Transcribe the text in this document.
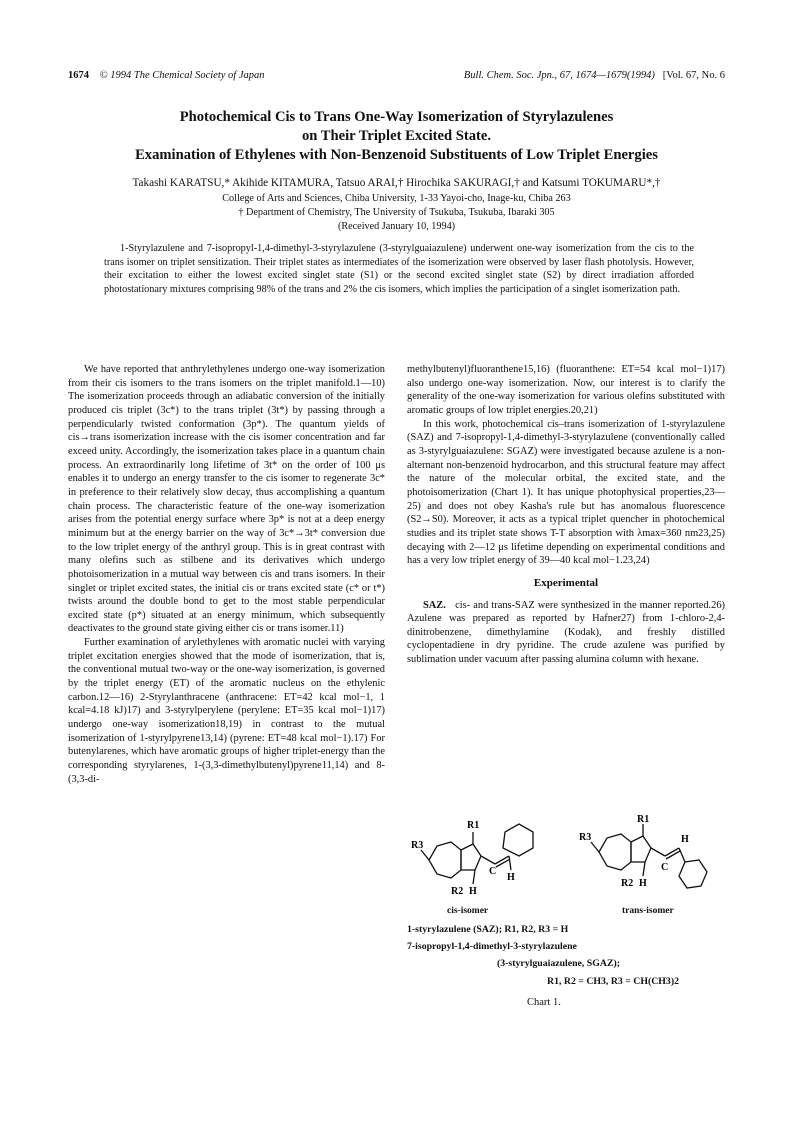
1674 © 1994 The Chemical Society of Japan	Bull. Chem. Soc. Jpn., 67, 1674—1679(1994) [Vol. 67, No. 6
Photochemical Cis to Trans One-Way Isomerization of Styrylazulenes
on Their Triplet Excited State.
Examination of Ethylenes with Non-Benzenoid Substituents of Low Triplet Energies
Takashi KARATSU,* Akihide KITAMURA, Tatsuo ARAI,† Hirochika SAKURAGI,† and Katsumi TOKUMARU*,†
College of Arts and Sciences, Chiba University, 1-33 Yayoi-cho, Inage-ku, Chiba 263
† Department of Chemistry, The University of Tsukuba, Tsukuba, Ibaraki 305
(Received January 10, 1994)
1-Styrylazulene and 7-isopropyl-1,4-dimethyl-3-styrylazulene (3-styrylguaiazulene) underwent one-way isomerization from the cis to the trans isomer on triplet sensitization. Their triplet states as intermediates of the isomerization were observed by laser flash photolysis. However, their excitation to either the lowest excited singlet state (S1) or the second excited singlet state (S2) by direct irradiation afforded photostationary mixtures comprising 98% of the trans and 2% the cis isomers, which implies the participation of a singlet isomerization path.

We have reported that anthrylethylenes undergo one-way isomerization from their cis isomers to the trans isomers on the triplet manifold.1—10) The isomerization proceeds through an adiabatic conversion of the initially produced cis triplet (3c*) to the trans triplet (3t*) by passing through a perpendicularly twisted conformation (3p*). The quantum yields of cis→trans isomerization increase with the cis isomer concentration and far exceed unity. Accordingly, the isomerization takes place in a quantum chain process. An extraordinarily long lifetime of 3t* on the order of 100 μs enables it to undergo an energy transfer to the cis isomer to regenerate 3c* in preference to their relatively slow decay, thus accomplishing a quantum chain process. The characteristic feature of the one-way isomerization arises from the potential energy surface where 3p* is not at a deep energy minimum but at the energy barrier on the way of 3c*→3t* conversion due to the low triplet energy of the anthryl group. This is in great contrast with many olefins such as stilbene and its derivatives which undergo photoisomerization in a mutual way between cis and trans isomers. In their singlet or triplet excited states, the initial cis or trans excited state (c* or t*) twists around the double bond to get to the most stable perpendicular excited state (p*) situated at an energy minimum, which subsequently deactivates to the ground state giving either cis or trans isomer.11)

Further examination of arylethylenes with aromatic nuclei with varying triplet excitation energies showed that the mode of isomerization, that is, the conventional mutual two-way or the one-way isomerization, is governed by the triplet energy (ET) of the aromatic nucleus on the ethylenic carbon.12—16) 2-Styrylanthracene (anthracene: ET=42 kcal mol−1, 1 kcal=4.18 kJ)17) and 3-styrylperylene (perylene: ET=35 kcal mol−1)17) undergo one-way isomerization18,19) in contrast to the mutual isomerization of 1-styrylpyrene13,14) (pyrene: ET=48 kcal mol−1).17) For butenylarenes, which have aromatic groups of higher triplet-energy than the corresponding styrylarenes, 1-(3,3-dimethylbutenyl)pyrene11,14) and 8-(3,3-di-

methylbutenyl)fluoranthene15,16) (fluoranthene: ET=54 kcal mol−1)17) also undergo one-way isomerization. Now, our interest is to clarify the generality of the one-way isomerization for various olefins substituted with aromatic groups of low triplet energies.20,21)

In this work, photochemical cis–trans isomerization of 1-styrylazulene (SAZ) and 7-isopropyl-1,4-dimethyl-3-styrylazulene (conventionally called as 3-styrylguaiazulene: SGAZ) were investigated because azulene is a non-alternant non-benzenoid hydrocarbon, and this structural feature may affect the nature of the molecular orbital, the excited state, and the photoisomerization (Chart 1). It has unique photophysical properties,23—25) and does not obey Kasha's rule but has anomalous fluorescence (S2→S0). Moreover, it acts as a typical triplet quencher in photochemical studies and its triplet state shows T-T absorption with λmax=360 nm23,25) decaying with 2—12 μs lifetime depending on experimental conditions and has a very low triplet energy of 39—40 kcal mol−1.23,24)

Experimental

SAZ. cis- and trans-SAZ were synthesized in the manner reported.26) Azulene was prepared as reported by Hafner27) from 1-chloro-2,4-dinitrobenzene, dimethylamine (Kodak), and freshly distilled cyclopentadiene in dry pyridine. The crude azulene was purified by sublimation under vacuum after passing alumina column with hexane.

R1
R3
R2 H
H
C
R1
R3
R2 H
H
C
cis-isomer	trans-isomer
1-styrylazulene (SAZ); R1, R2, R3 = H
7-isopropyl-1,4-dimethyl-3-styrylazulene
(3-styrylguaiazulene, SGAZ);
R1, R2 = CH3, R3 = CH(CH3)2
Chart 1.
